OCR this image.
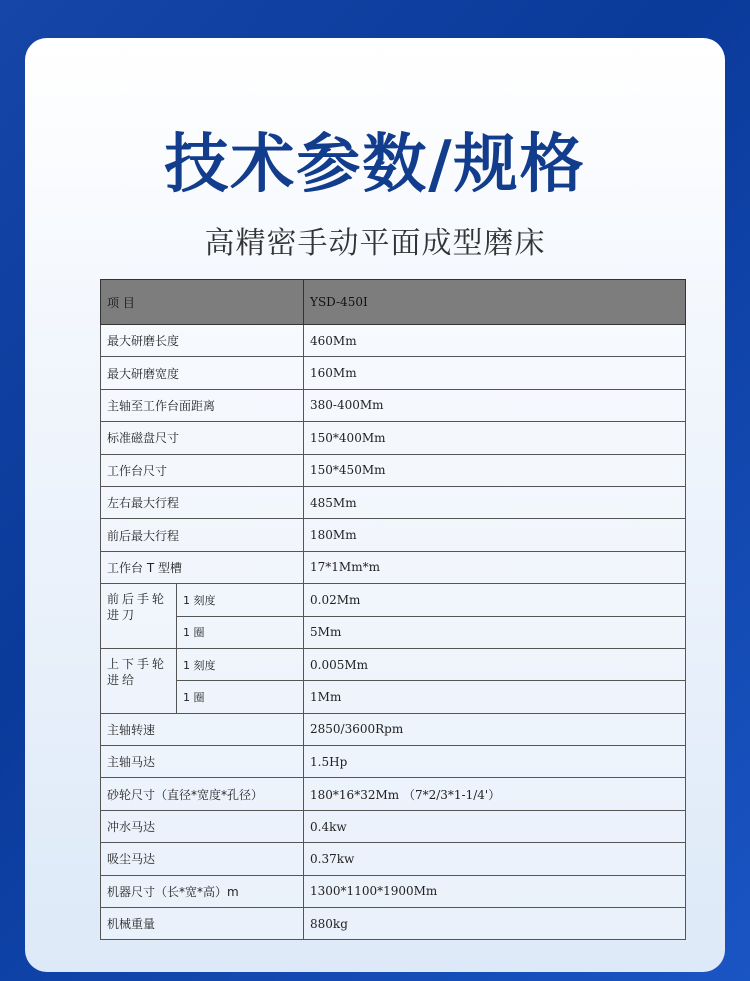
技术参数/规格
高精密手动平面成型磨床
项 目		YSD-450I
最大研磨长度		460Mm
最大研磨宽度		160Mm
主轴至工作台面距离		380-400Mm
标准磁盘尺寸		150*400Mm
工作台尺寸		150*450Mm
左右最大行程		485Mm
前后最大行程		180Mm
工作台 T 型槽		17*1Mm*m

前后手轮
进刀	1 刻度	0.02Mm
	1 圈	5Mm

上下手轮
进给	1 刻度	0.005Mm
	1 圈	1Mm
主轴转速		2850/3600Rpm
主轴马达		1.5Hp
砂轮尺寸（直径*宽度*孔径）		180*16*32Mm （7*2/3*1-1/4'）
冲水马达		0.4kw
吸尘马达		0.37kw
机器尺寸（长*宽*高）m		1300*1100*1900Mm
机械重量		880kg
